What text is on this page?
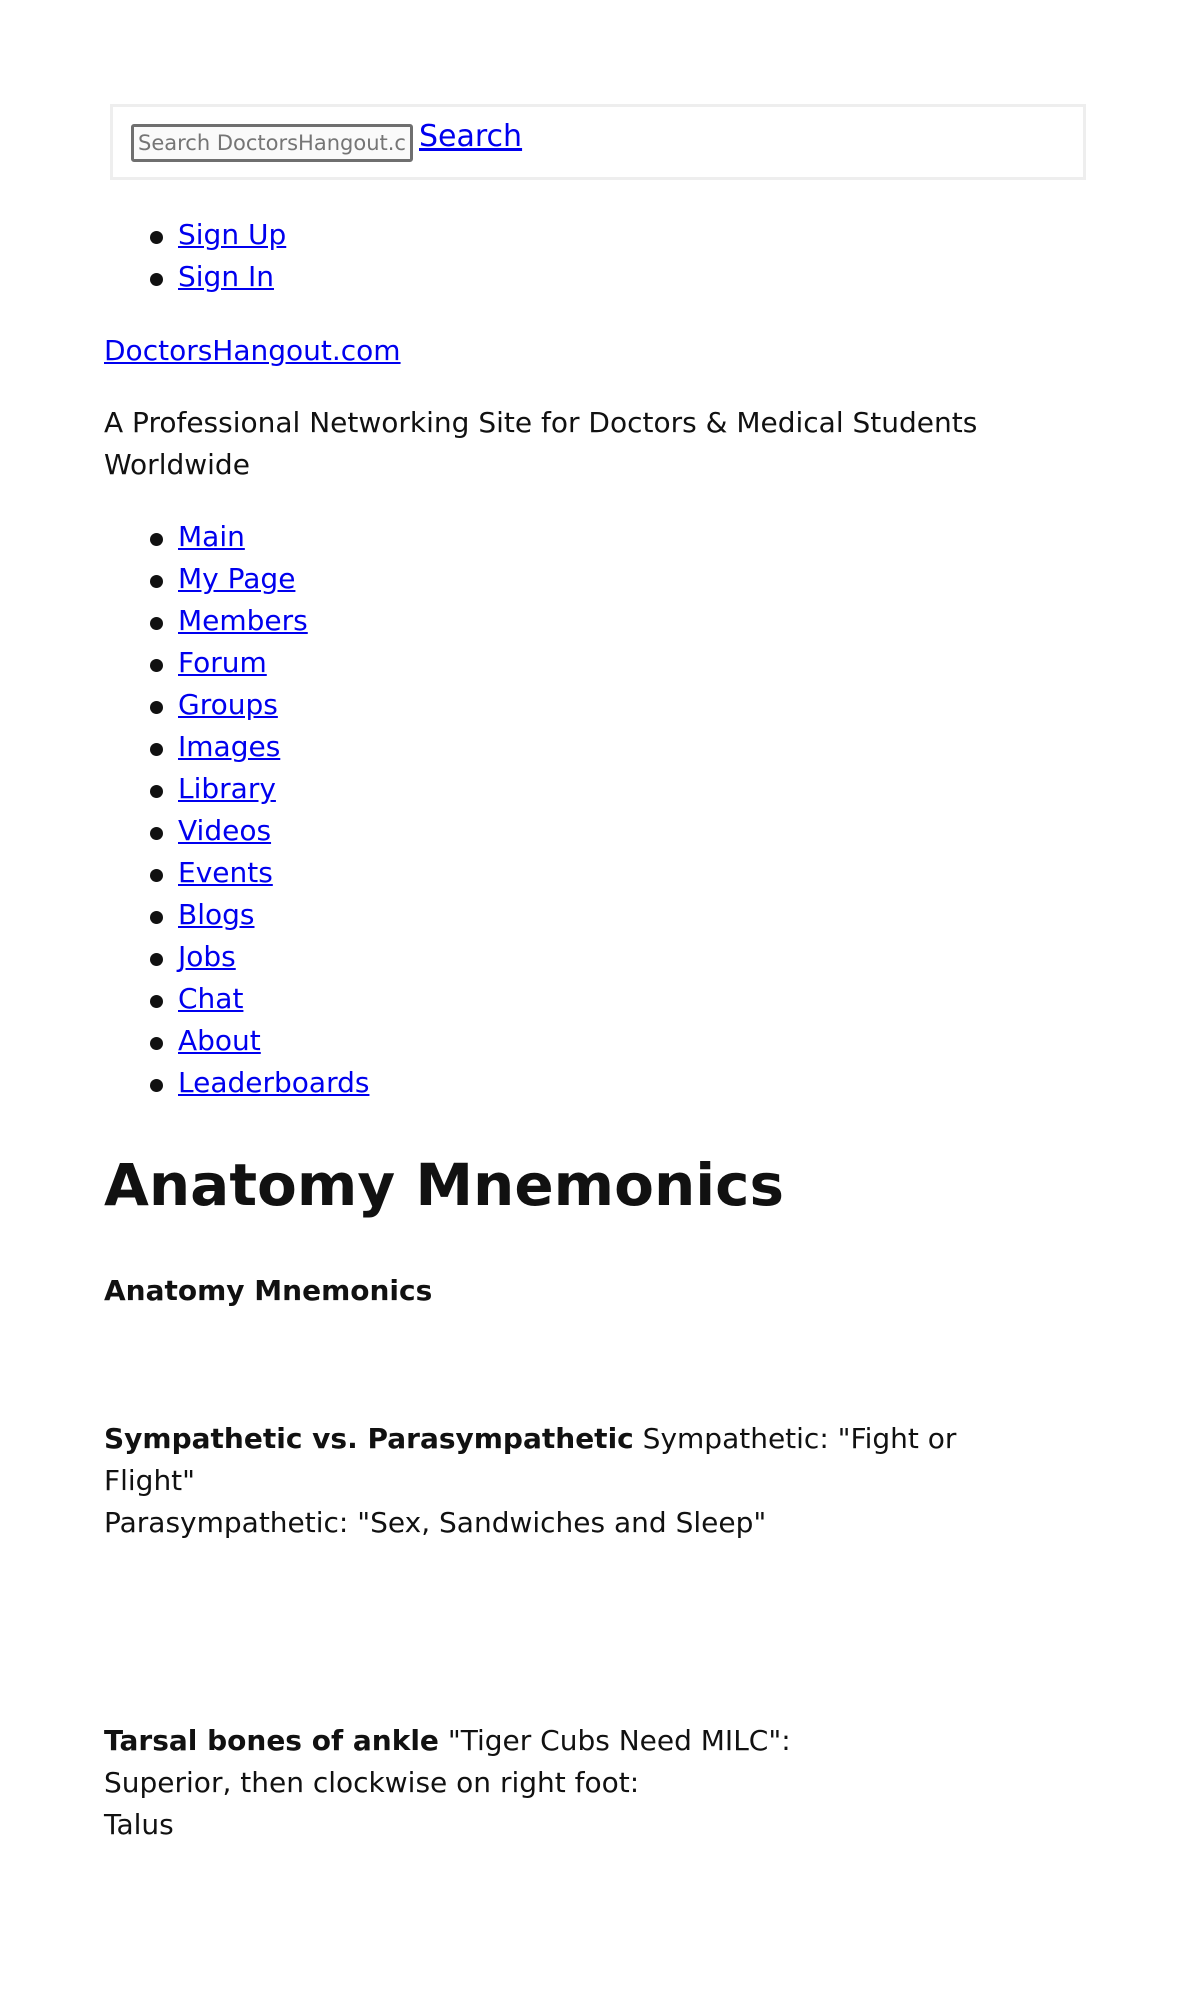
Search DoctorsHangout.com
Search
Sign Up
Sign In
DoctorsHangout.com
A Professional Networking Site for Doctors & Medical Students Worldwide
Main
My Page
Members
Forum
Groups
Images
Library
Videos
Events
Blogs
Jobs
Chat
About
Leaderboards
Anatomy Mnemonics
Anatomy Mnemonics
Sympathetic vs. Parasympathetic Sympathetic: "Fight or Flight"
Parasympathetic: "Sex, Sandwiches and Sleep"
Tarsal bones of ankle "Tiger Cubs Need MILC":
Superior, then clockwise on right foot:
Talus
